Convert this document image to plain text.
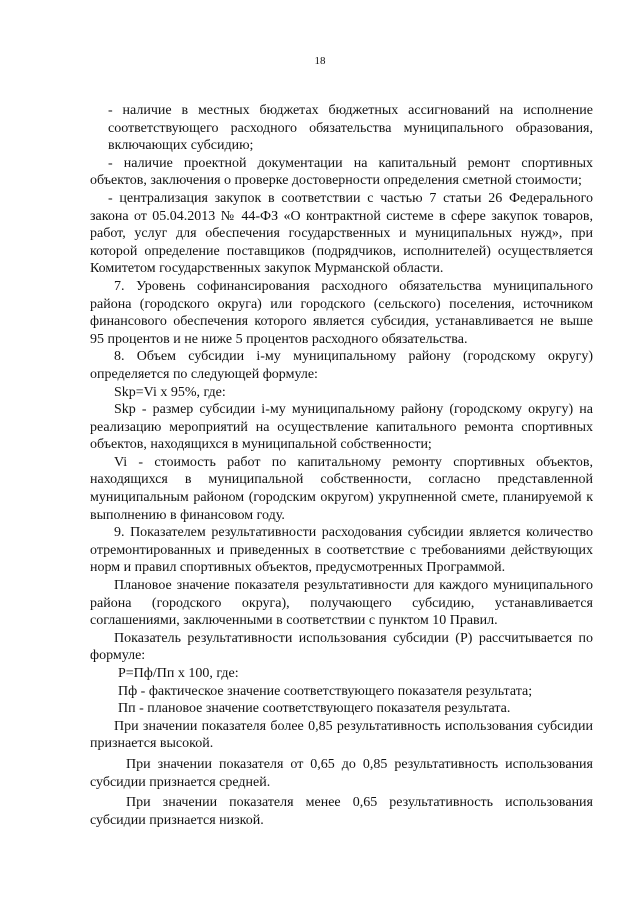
18
- наличие в местных бюджетах бюджетных ассигнований на исполнение
соответствующего расходного обязательства муниципального образования,
включающих субсидию;
- наличие проектной документации на капитальный ремонт спортивных
объектов, заключения о проверке достоверности определения сметной стоимости;
- централизация закупок в соответствии с частью 7 статьи 26 Федерального
закона от 05.04.2013 № 44-ФЗ «О контрактной системе в сфере закупок товаров,
работ, услуг для обеспечения государственных и муниципальных нужд», при
которой определение поставщиков (подрядчиков, исполнителей) осуществляется
Комитетом государственных закупок Мурманской области.
7. Уровень софинансирования расходного обязательства муниципального
района (городского округа) или городского (сельского) поселения, источником
финансового обеспечения которого является субсидия, устанавливается не выше
95 процентов и не ниже 5 процентов расходного обязательства.
8. Объем субсидии i-му муниципальному району (городскому округу)
определяется по следующей формуле:
Skp=Vi x 95%, где:
Skp - размер субсидии i-му муниципальному району (городскому округу) на
реализацию мероприятий на осуществление капитального ремонта спортивных
объектов, находящихся в муниципальной собственности;
Vi - стоимость работ по капитальному ремонту спортивных объектов,
находящихся в муниципальной собственности, согласно представленной
муниципальным районом (городским округом) укрупненной смете, планируемой к
выполнению в финансовом году.
9. Показателем результативности расходования субсидии является количество
отремонтированных и приведенных в соответствие с требованиями действующих
норм и правил спортивных объектов, предусмотренных Программой.
Плановое значение показателя результативности для каждого муниципального
района (городского округа), получающего субсидию, устанавливается
соглашениями, заключенными в соответствии с пунктом 10 Правил.
Показатель результативности использования субсидии (Р) рассчитывается по
формуле:
Р=Пф/Пп х 100, где:
Пф - фактическое значение соответствующего показателя результата;
Пп - плановое значение соответствующего показателя результата.
При значении показателя более 0,85 результативность использования субсидии
признается высокой.
При значении показателя от 0,65 до 0,85 результативность использования
субсидии признается средней.
При значении показателя менее 0,65 результативность использования
субсидии признается низкой.
